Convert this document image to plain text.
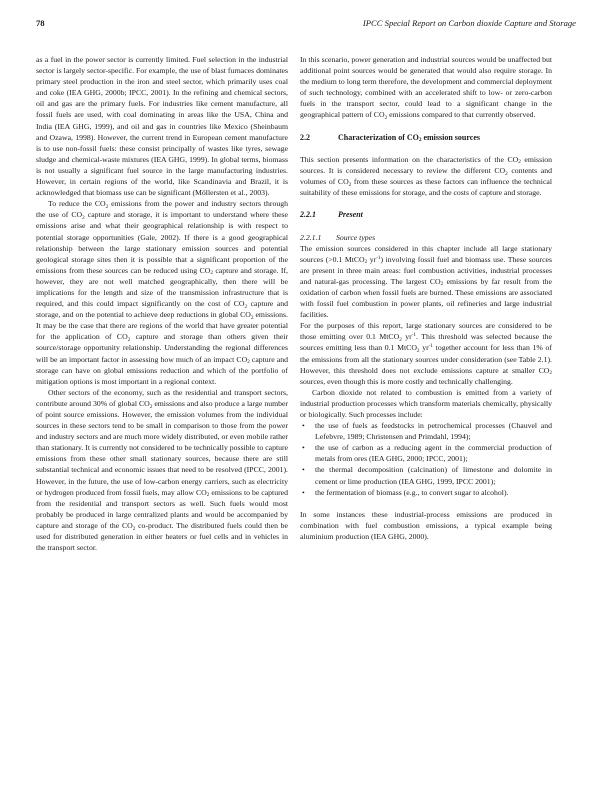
78	IPCC Special Report on Carbon dioxide Capture and Storage

as a fuel in the power sector is currently limited. Fuel selection in the industrial sector is largely sector-specific. For example, the use of blast furnaces dominates primary steel production in the iron and steel sector, which primarily uses coal and coke (IEA GHG, 2000b; IPCC, 2001). In the refining and chemical sectors, oil and gas are the primary fuels. For industries like cement manufacture, all fossil fuels are used, with coal dominating in areas like the USA, China and India (IEA GHG, 1999), and oil and gas in countries like Mexico (Sheinbaum and Ozawa, 1998). However, the current trend in European cement manufacture is to use non-fossil fuels: these consist principally of wastes like tyres, sewage sludge and chemical-waste mixtures (IEA GHG, 1999). In global terms, biomass is not usually a significant fuel source in the large manufacturing industries. However, in certain regions of the world, like Scandinavia and Brazil, it is acknowledged that biomass use can be significant (Möllersten et al., 2003).

To reduce the $CO_2$ emissions from the power and industry sectors through the use of $CO_2$ capture and storage, it is important to understand where these emissions arise and what their geographical relationship is with respect to potential storage opportunities (Gale, 2002). If there is a good geographical relationship between the large stationary emission sources and potential geological storage sites then it is possible that a significant proportion of the emissions from these sources can be reduced using $CO_2$ capture and storage. If, however, they are not well matched geographically, then there will be implications for the length and size of the transmission infrastructure that is required, and this could impact significantly on the cost of $CO_2$ capture and storage, and on the potential to achieve deep reductions in global $CO_2$ emissions. It may be the case that there are regions of the world that have greater potential for the application of $CO_2$ capture and storage than others given their source/storage opportunity relationship. Understanding the regional differences will be an important factor in assessing how much of an impact $CO_2$ capture and storage can have on global emissions reduction and which of the portfolio of mitigation options is most important in a regional context.

Other sectors of the economy, such as the residential and transport sectors, contribute around 30% of global $CO_2$ emissions and also produce a large number of point source emissions. However, the emission volumes from the individual sources in these sectors tend to be small in comparison to those from the power and industry sectors and are much more widely distributed, or even mobile rather than stationary. It is currently not considered to be technically possible to capture emissions from these other small stationary sources, because there are still substantial technical and economic issues that need to be resolved (IPCC, 2001). However, in the future, the use of low-carbon energy carriers, such as electricity or hydrogen produced from fossil fuels, may allow $CO_2$ emissions to be captured from the residential and transport sectors as well. Such fuels would most probably be produced in large centralized plants and would be accompanied by capture and storage of the $CO_2$ co-product. The distributed fuels could then be used for distributed generation in either heaters or fuel cells and in vehicles in the transport sector.

In this scenario, power generation and industrial sources would be unaffected but additional point sources would be generated that would also require storage. In the medium to long term therefore, the development and commercial deployment of such technology, combined with an accelerated shift to low- or zero-carbon fuels in the transport sector, could lead to a significant change in the geographical pattern of $CO_2$ emissions compared to that currently observed.

2.2	Characterization of $CO_2$ emission sources

This section presents information on the characteristics of the $CO_2$ emission sources. It is considered necessary to review the different $CO_2$ contents and volumes of $CO_2$ from these sources as these factors can influence the technical suitability of these emissions for storage, and the costs of capture and storage.

2.2.1	Present
2.2.1.1 Source types

The emission sources considered in this chapter include all large stationary sources (>0.1 MtCO$_2$ $yr^{-1}$) involving fossil fuel and biomass use. These sources are present in three main areas: fuel combustion activities, industrial processes and natural-gas processing. The largest $CO_2$ emissions by far result from the oxidation of carbon when fossil fuels are burned. These emissions are associated with fossil fuel combustion in power plants, oil refineries and large industrial facilities.

For the purposes of this report, large stationary sources are considered to be those emitting over 0.1 MtCO$_2$ $yr^{-1}$. This threshold was selected because the sources emitting less than 0.1 MtCO$_2$ $yr^{-1}$ together account for less than 1% of the emissions from all the stationary sources under consideration (see Table 2.1). However, this threshold does not exclude emissions capture at smaller $CO_2$ sources, even though this is more costly and technically challenging.

Carbon dioxide not related to combustion is emitted from a variety of industrial production processes which transform materials chemically, physically or biologically. Such processes include:

• the use of fuels as feedstocks in petrochemical processes (Chauvel and Lefebvre, 1989; Christensen and Primdahl, 1994);
• the use of carbon as a reducing agent in the commercial production of metals from ores (IEA GHG, 2000; IPCC, 2001);
• the thermal decomposition (calcination) of limestone and dolomite in cement or lime production (IEA GHG, 1999, IPCC 2001);
• the fermentation of biomass (e.g., to convert sugar to alcohol).

In some instances these industrial-process emissions are produced in combination with fuel combustion emissions, a typical example being aluminium production (IEA GHG, 2000).
